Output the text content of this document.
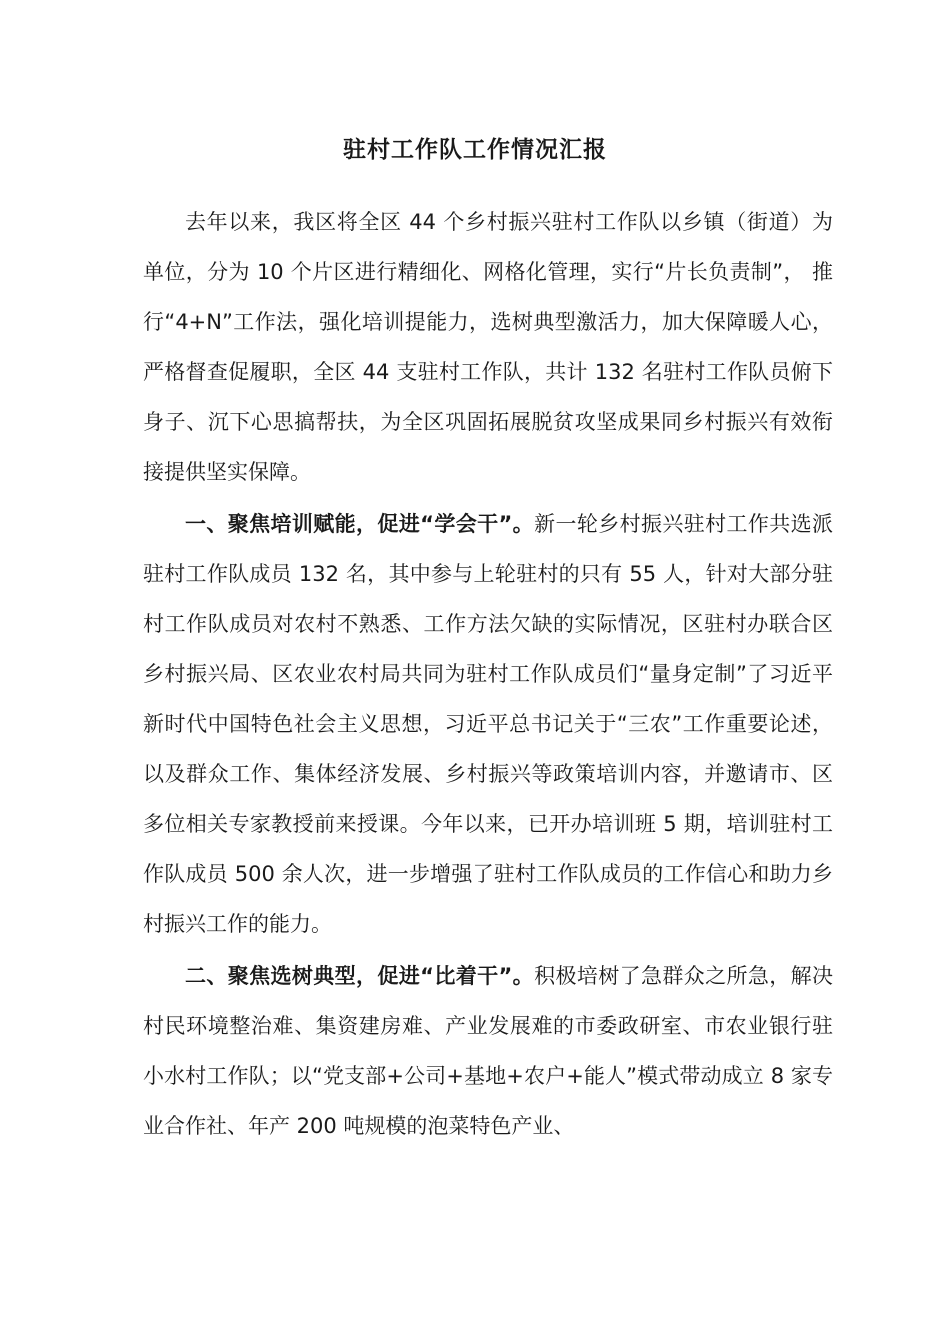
驻村工作队工作情况汇报

去年以来，我区将全区 44 个乡村振兴驻村工作队以乡镇（街道）为单位，分为 10 个片区进行精细化、网格化管理，实行“片长负责制”， 推行“4+N”工作法，强化培训提能力，选树典型激活力，加大保障暖人心，严格督查促履职，全区 44 支驻村工作队，共计 132 名驻村工作队员俯下身子、沉下心思搞帮扶，为全区巩固拓展脱贫攻坚成果同乡村振兴有效衔接提供坚实保障。

一、聚焦培训赋能，促进“学会干”。新一轮乡村振兴驻村工作共选派驻村工作队成员 132 名，其中参与上轮驻村的只有 55 人，针对大部分驻村工作队成员对农村不熟悉、工作方法欠缺的实际情况，区驻村办联合区乡村振兴局、区农业农村局共同为驻村工作队成员们“量身定制”了习近平新时代中国特色社会主义思想，习近平总书记关于“三农”工作重要论述，以及群众工作、集体经济发展、乡村振兴等政策培训内容，并邀请市、区多位相关专家教授前来授课。今年以来，已开办培训班 5 期，培训驻村工作队成员 500 余人次，进一步增强了驻村工作队成员的工作信心和助力乡村振兴工作的能力。

二、聚焦选树典型，促进“比着干”。积极培树了急群众之所急，解决村民环境整治难、集资建房难、产业发展难的市委政研室、市农业银行驻小水村工作队；以“党支部+公司+基地+农户+能人”模式带动成立 8 家专业合作社、年产 200 吨规模的泡菜特色产业、
